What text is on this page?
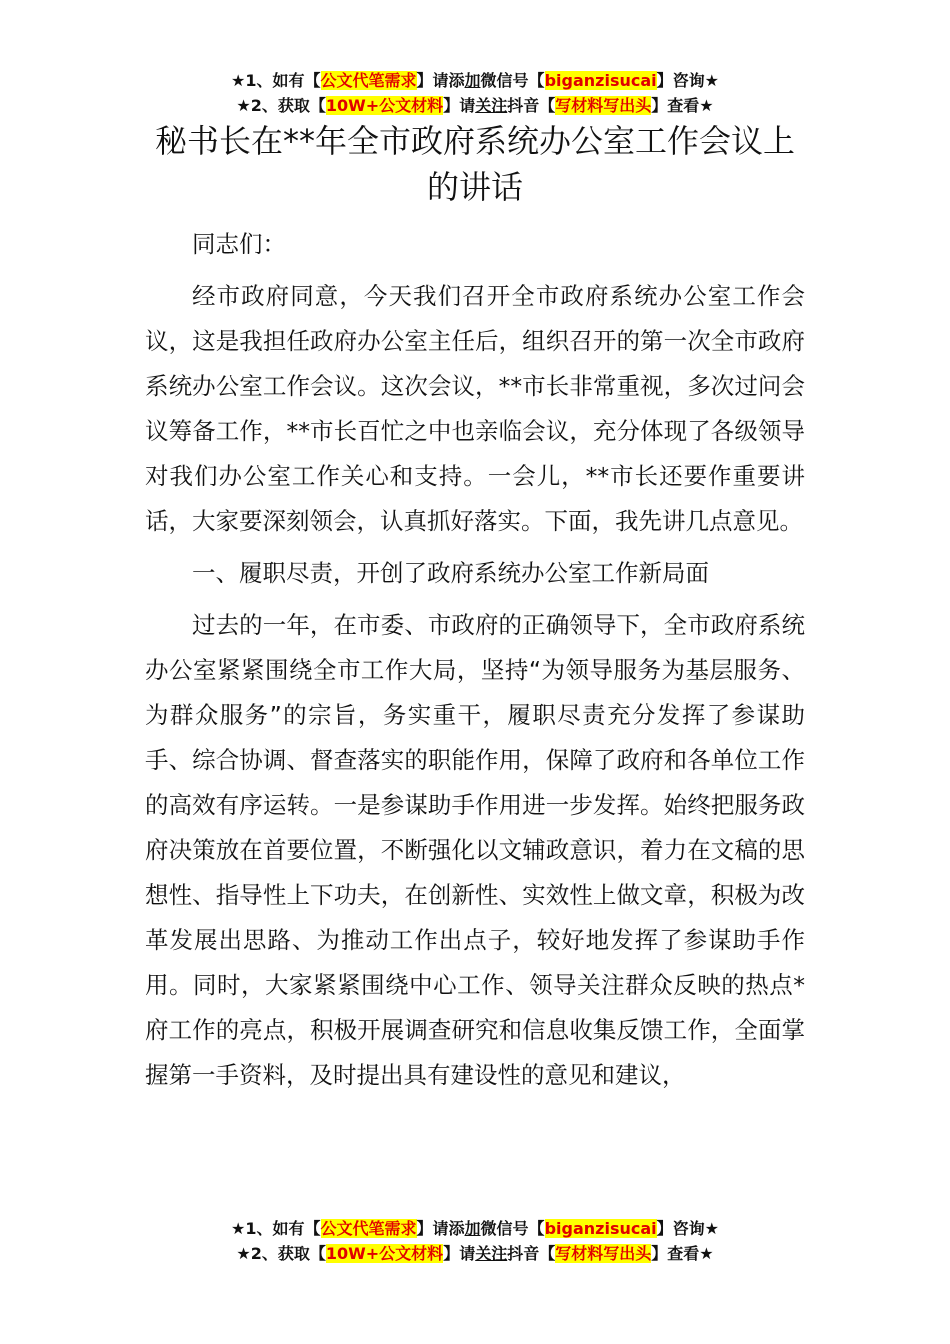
★1、如有【公文代笔需求】请添加微信号【biganzisucai】咨询★
★2、获取【10W+公文材料】请关注抖音【写材料写出头】查看★
秘书长在**年全市政府系统办公室工作会议上的讲话

同志们：

经市政府同意，今天我们召开全市政府系统办公室工作会议，这是我担任政府办公室主任后，组织召开的第一次全市政府系统办公室工作会议。这次会议，**市长非常重视，多次过问会议筹备工作，**市长百忙之中也亲临会议，充分体现了各级领导对我们办公室工作关心和支持。一会儿，**市长还要作重要讲话，大家要深刻领会，认真抓好落实。下面，我先讲几点意见。

一、履职尽责，开创了政府系统办公室工作新局面

过去的一年，在市委、市政府的正确领导下，全市政府系统办公室紧紧围绕全市工作大局，坚持“为领导服务为基层服务、为群众服务”的宗旨，务实重干，履职尽责充分发挥了参谋助手、综合协调、督查落实的职能作用，保障了政府和各单位工作的高效有序运转。一是参谋助手作用进一步发挥。始终把服务政府决策放在首要位置，不断强化以文辅政意识，着力在文稿的思想性、指导性上下功夫，在创新性、实效性上做文章，积极为改革发展出思路、为推动工作出点子，较好地发挥了参谋助手作用。同时，大家紧紧围绕中心工作、领导关注群众反映的热点*府工作的亮点，积极开展调查研究和信息收集反馈工作，全面掌握第一手资料，及时提出具有建设性的意见和建议，

★1、如有【公文代笔需求】请添加微信号【biganzisucai】咨询★
★2、获取【10W+公文材料】请关注抖音【写材料写出头】查看★
